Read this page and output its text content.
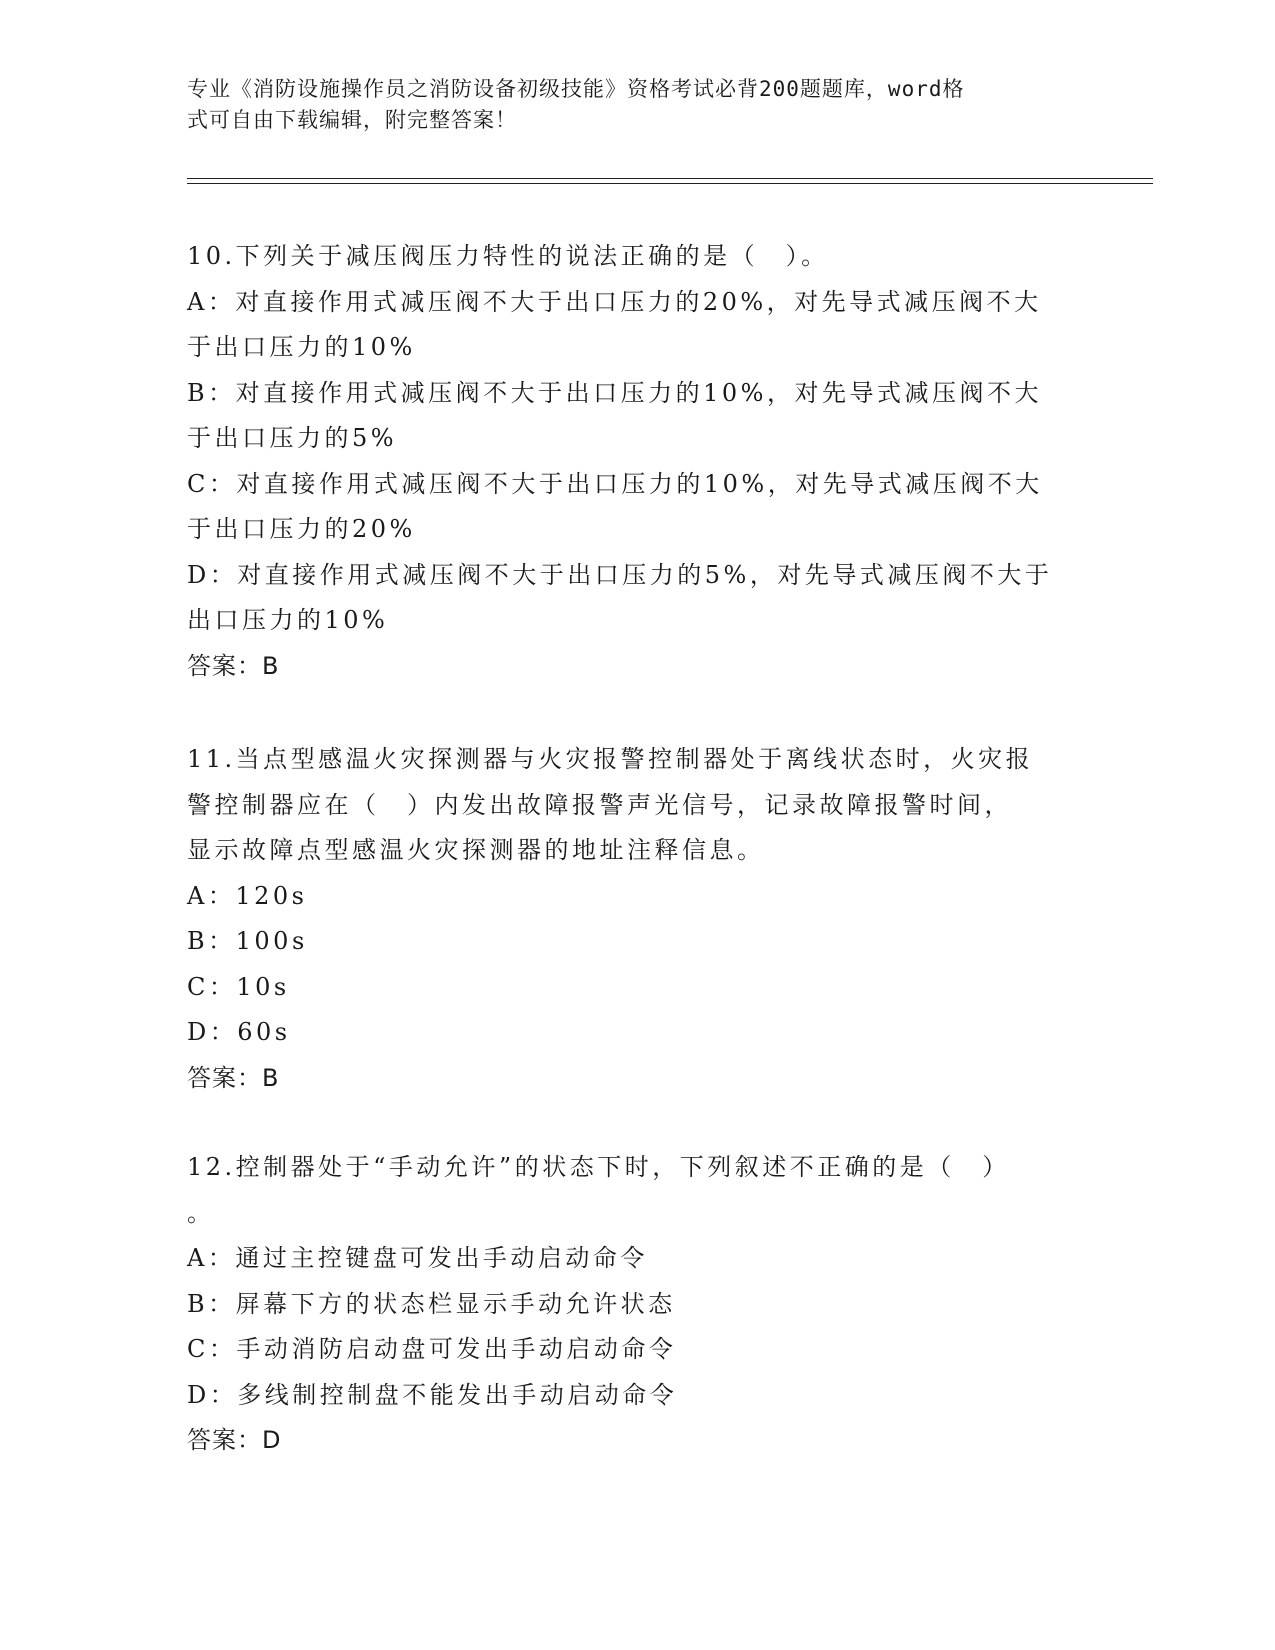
专业《消防设施操作员之消防设备初级技能》资格考试必背200题题库，word格
式可自由下载编辑，附完整答案！
10.下列关于减压阀压力特性的说法正确的是（　）。
A：对直接作用式减压阀不大于出口压力的20%，对先导式减压阀不大
于出口压力的10%
B：对直接作用式减压阀不大于出口压力的10%，对先导式减压阀不大
于出口压力的5%
C：对直接作用式减压阀不大于出口压力的10%，对先导式减压阀不大
于出口压力的20%
D：对直接作用式减压阀不大于出口压力的5%，对先导式减压阀不大于
出口压力的10%
答案：B
11.当点型感温火灾探测器与火灾报警控制器处于离线状态时，火灾报
警控制器应在（　）内发出故障报警声光信号，记录故障报警时间，
显示故障点型感温火灾探测器的地址注释信息。
A：120s
B：100s
C：10s
D：60s
答案：B
12.控制器处于“手动允许”的状态下时，下列叙述不正确的是（　）
。
A：通过主控键盘可发出手动启动命令
B：屏幕下方的状态栏显示手动允许状态
C：手动消防启动盘可发出手动启动命令
D：多线制控制盘不能发出手动启动命令
答案：D
